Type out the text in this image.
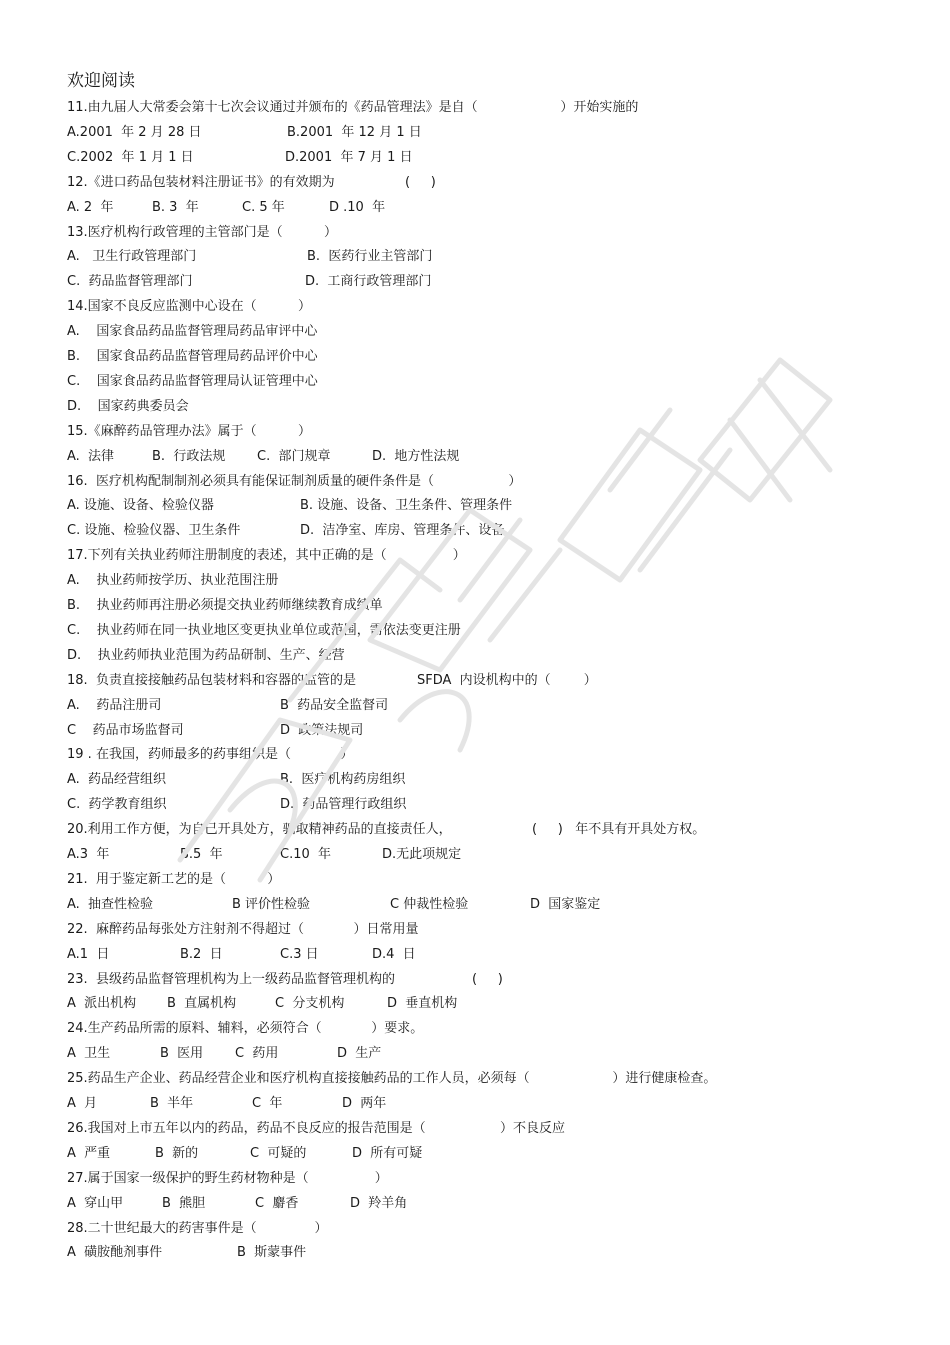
欢迎阅读
11.由九届人大常委会第十七次会议通过并颁布的《药品管理法》是自（                    ）开始实施的
A.2001  年 2 月 28 日	B.2001  年 12 月 1 日
C.2002  年 1 月 1 日	D.2001  年 7 月 1 日
12.《进口药品包装材料注册证书》的有效期为	(     )
A. 2  年	B. 3  年	C. 5 年	D .10  年
13.医疗机构行政管理的主管部门是（          ）
A.   卫生行政管理部门	B.  医药行业主管部门
C.  药品监督管理部门	D.  工商行政管理部门
14.国家不良反应监测中心设在（          ）
A.    国家食品药品监督管理局药品审评中心
B.    国家食品药品监督管理局药品评价中心
C.    国家食品药品监督管理局认证管理中心
D.    国家药典委员会
15.《麻醉药品管理办法》属于（          ）
A.  法律	B.  行政法规 C.  部门规章	D.  地方性法规
16.  医疗机构配制制剂必须具有能保证制剂质量的硬件条件是（                  ）
A. 设施、设备、检验仪器	B. 设施、设备、卫生条件、管理条件
C. 设施、检验仪器、卫生条件	D.  洁净室、库房、管理条件、设备
17.下列有关执业药师注册制度的表述，其中正确的是（                ）
A.    执业药师按学历、执业范围注册
B.    执业药师再注册必须提交执业药师继续教育成绩单
C.    执业药师在同一执业地区变更执业单位或范围，需依法变更注册
D.    执业药师执业范围为药品研制、生产、经营
18.  负责直接接触药品包装材料和容器的监管的是	SFDA  内设机构中的（        ）
A.    药品注册司	B  药品安全监督司
C    药品市场监督司	D  政策法规司
19 . 在我国，药师最多的药事组织是（            ）
A.  药品经营组织	B.  医疗机构药房组织
C.  药学教育组织	D.  药品管理行政组织
20.利用工作方便，为自己开具处方，骗取精神药品的直接责任人，	(     )   年不具有开具处方权。
A.3  年	B.5  年	C.10  年	D.无此项规定
21.  用于鉴定新工艺的是（          ）
A.  抽查性检验	B 评价性检验	C 仲裁性检验	D  国家鉴定
22.  麻醉药品每张处方注射剂不得超过（            ）日常用量
A.1  日	B.2  日	C.3 日	D.4  日
23.  县级药品监督管理机构为上一级药品监督管理机构的	(     )
A  派出机构 B  直属机构	C  分支机构	D  垂直机构
24.生产药品所需的原料、辅料，必须符合（            ）要求。
A  卫生	B  医用 C  药用	D  生产
25.药品生产企业、药品经营企业和医疗机构直接接触药品的工作人员，必须每（                    ）进行健康检查。
A  月	B  半年	C  年	D  两年
26.我国对上市五年以内的药品，药品不良反应的报告范围是（                  ）不良反应
A  严重	B  新的	C  可疑的	D  所有可疑
27.属于国家一级保护的野生药材物种是（                ）
A  穿山甲	B  熊胆	C  麝香	D  羚羊角
28.二十世纪最大的药害事件是（              ）
A  磺胺酏剂事件	B  斯蒙事件
